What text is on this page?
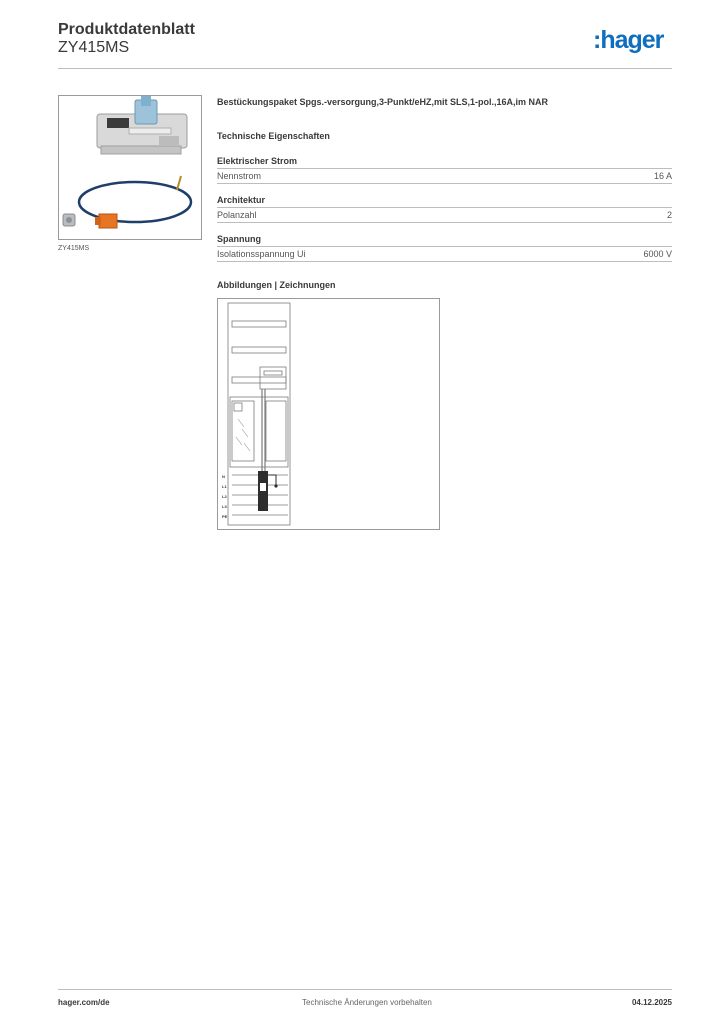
Produktdatenblatt
ZY415MS	:hager
ZY415MS
Bestückungspaket Spgs.-versorgung,3-Punkt/eHZ,mit SLS,1-pol.,16A,im NAR
Technische Eigenschaften
Elektrischer Strom
Nennstrom	16 A
Architektur
Polanzahl	2
Spannung
Isolationsspannung Ui	6000 V
Abbildungen | Zeichnungen
N
L1
L2
L3
PE
hager.com/de	Technische Änderungen vorbehalten	04.12.2025
